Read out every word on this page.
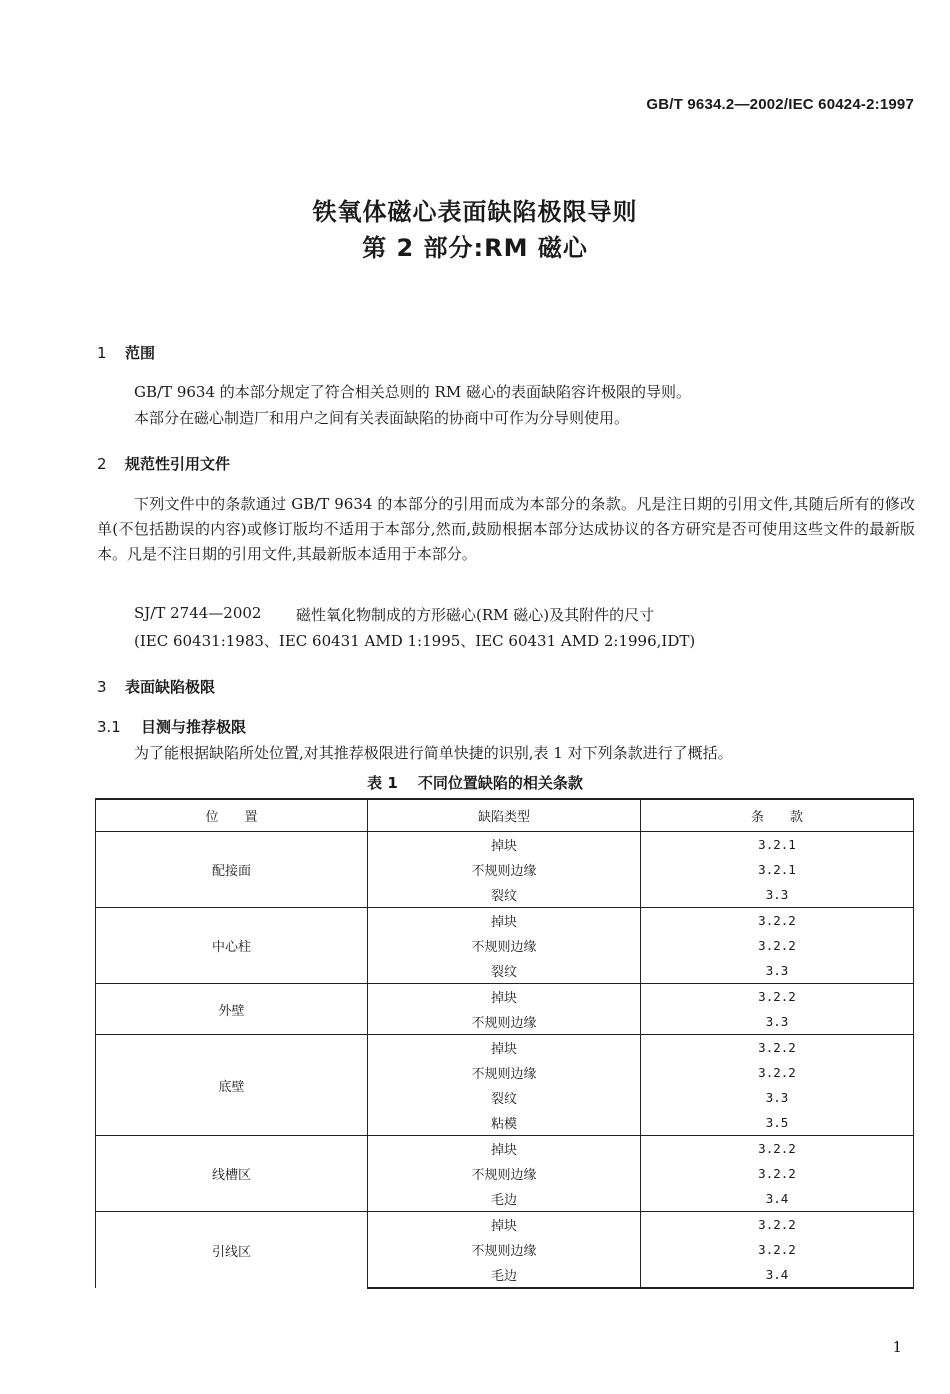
GB/T 9634.2—2002/IEC 60424-2:1997
铁氧体磁心表面缺陷极限导则
第 2 部分:RM 磁心
1 范围
GB/T 9634 的本部分规定了符合相关总则的 RM 磁心的表面缺陷容许极限的导则。
本部分在磁心制造厂和用户之间有关表面缺陷的协商中可作为分导则使用。
2 规范性引用文件
下列文件中的条款通过 GB/T 9634 的本部分的引用而成为本部分的条款。凡是注日期的引用文件,其随后所有的修改单(不包括勘误的内容)或修订版均不适用于本部分,然而,鼓励根据本部分达成协议的各方研究是否可使用这些文件的最新版本。凡是不注日期的引用文件,其最新版本适用于本部分。
SJ/T 2744—2002 磁性氧化物制成的方形磁心(RM 磁心)及其附件的尺寸
(IEC 60431:1983、IEC 60431 AMD 1:1995、IEC 60431 AMD 2:1996,IDT)
3 表面缺陷极限
3.1 目测与推荐极限
为了能根据缺陷所处位置,对其推荐极限进行简单快捷的识别,表 1 对下列条款进行了概括。
表 1 不同位置缺陷的相关条款
位　　置	缺陷类型	条　　款
配接面	掉块	3.2.1
	不规则边缘	3.2.1
	裂纹	3.3
中心柱	掉块	3.2.2
	不规则边缘	3.2.2
	裂纹	3.3
外壁	掉块	3.2.2
	不规则边缘	3.3
底壁	掉块	3.2.2
	不规则边缘	3.2.2
	裂纹	3.3
	粘模	3.5
线槽区	掉块	3.2.2
	不规则边缘	3.2.2
	毛边	3.4
引线区	掉块	3.2.2
	不规则边缘	3.2.2
	毛边	3.4
1
